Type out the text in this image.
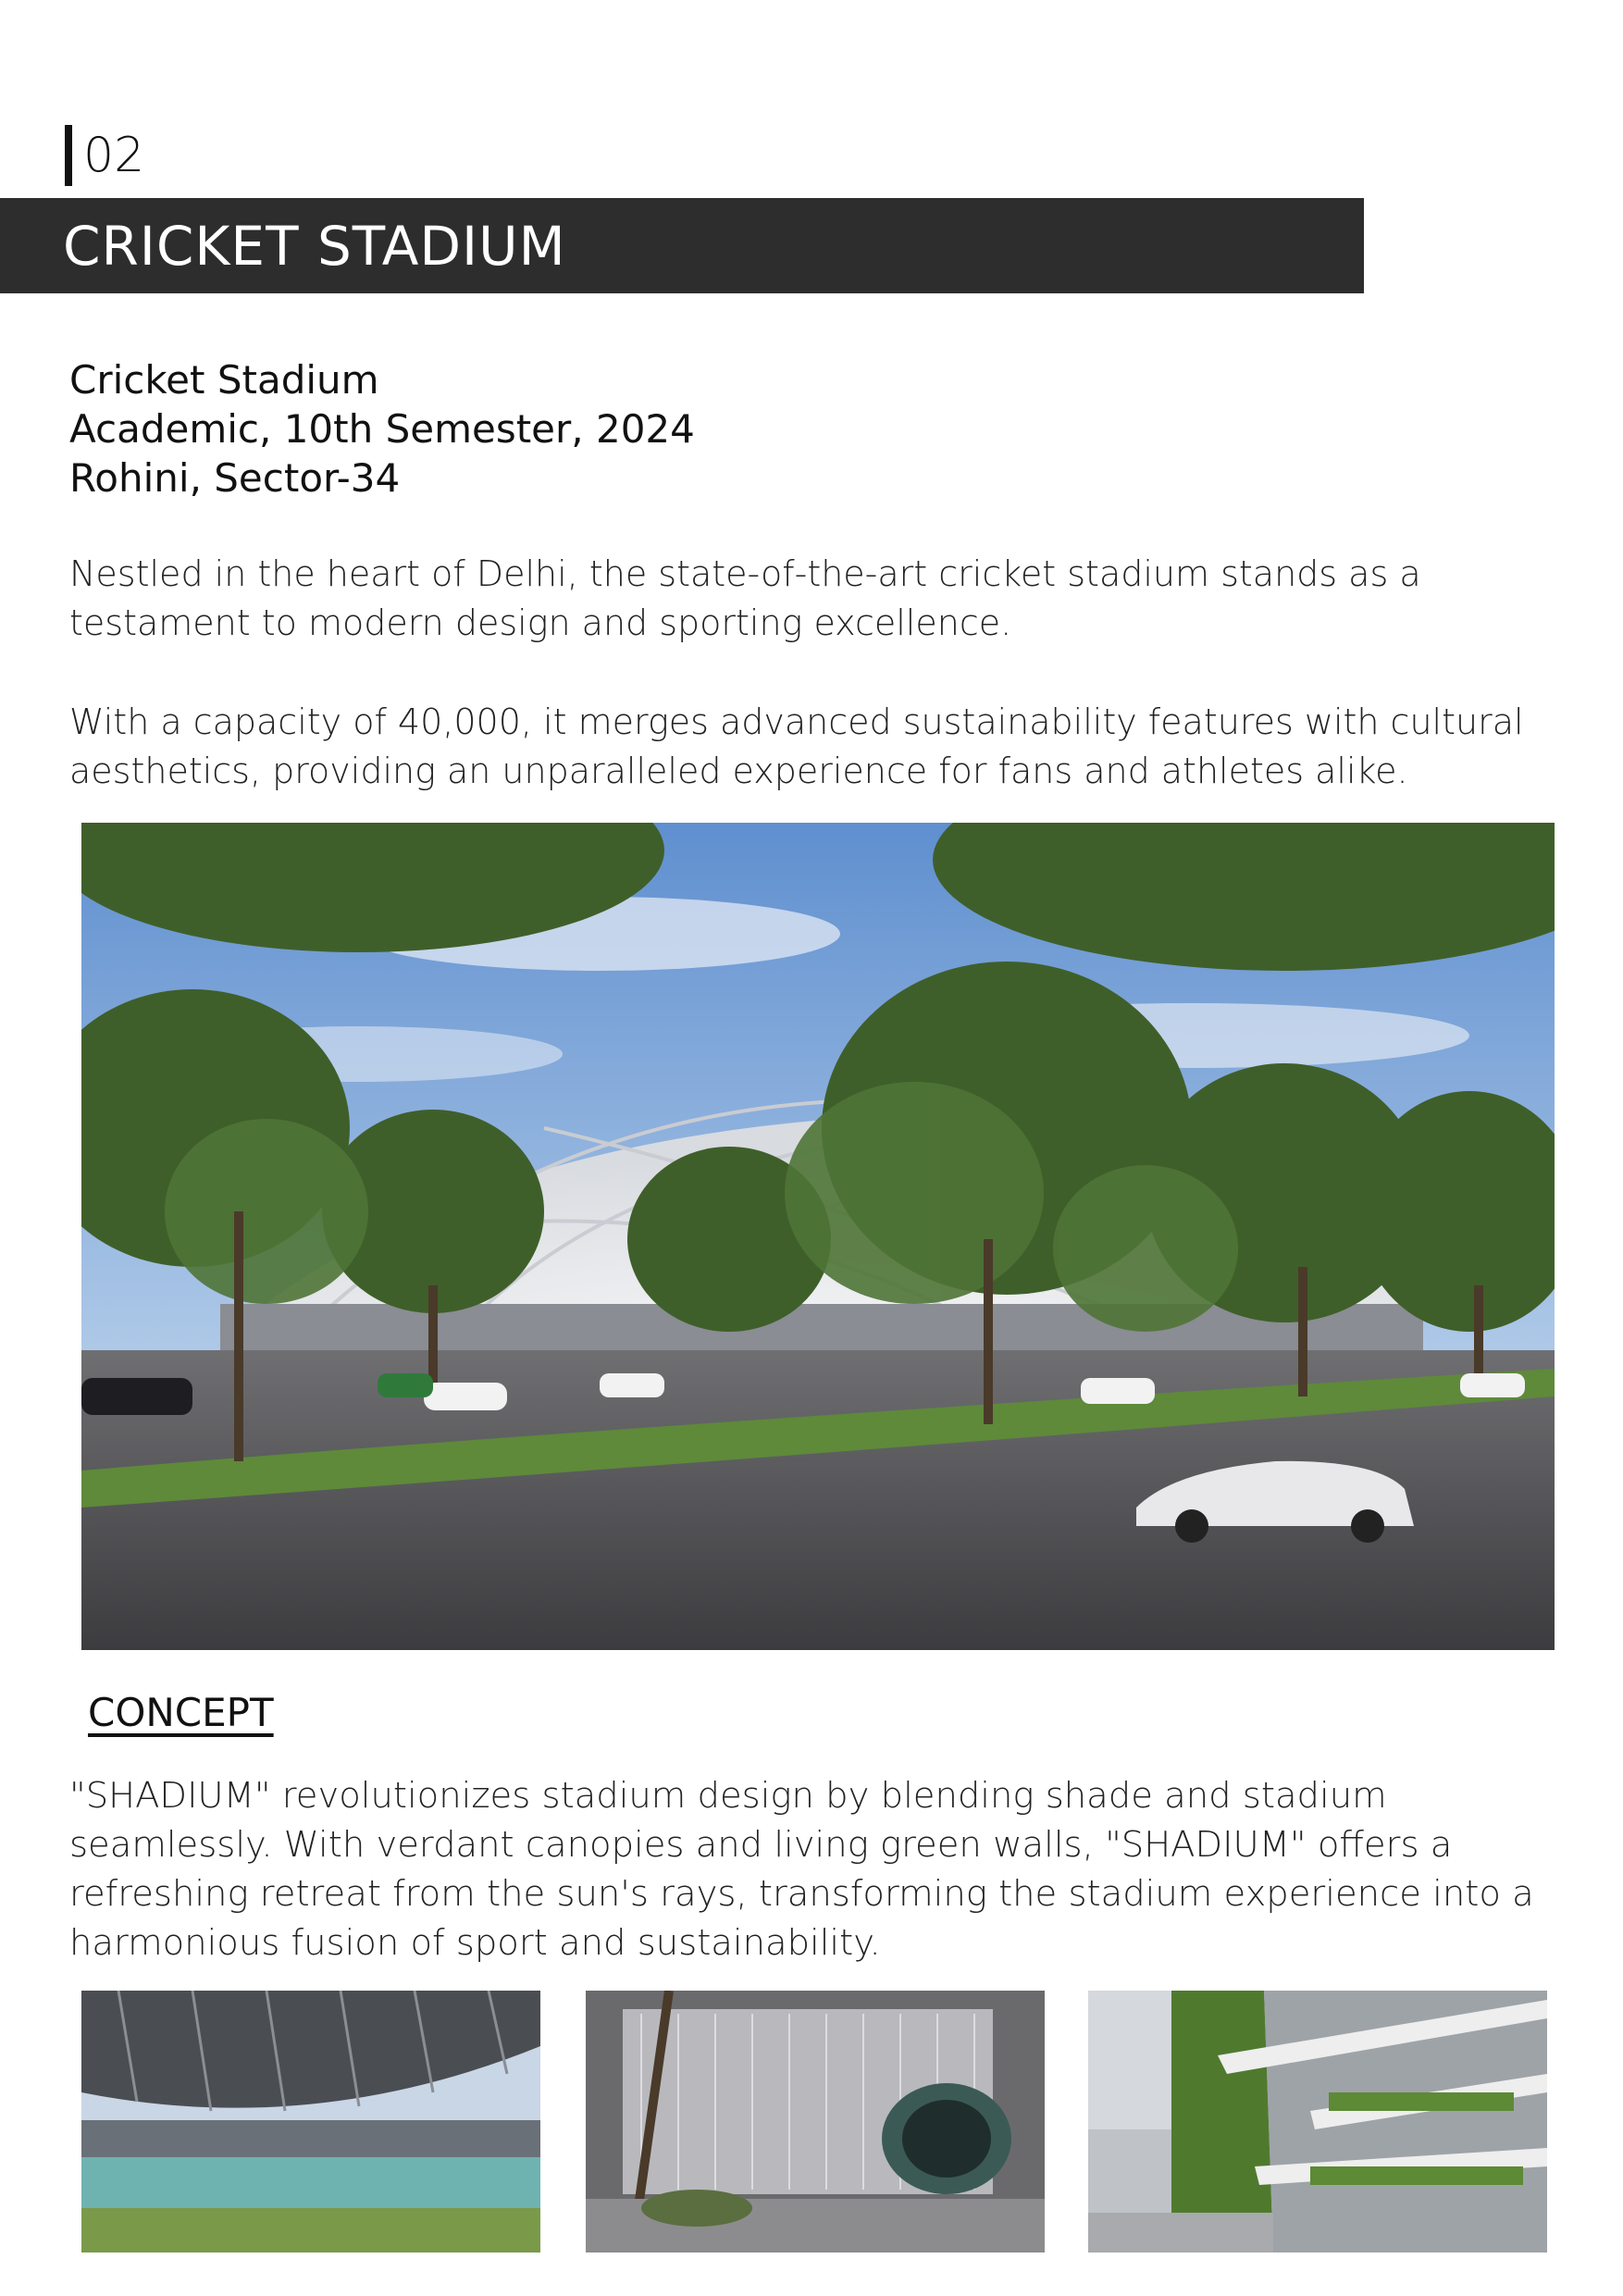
02
CRICKET STADIUM
Cricket Stadium
Academic, 10th Semester, 2024
Rohini, Sector-34
Nestled in the heart of Delhi, the state-of-the-art cricket stadium stands as a testament to modern design and sporting excellence.
With a capacity of 40,000, it merges advanced sustainability features with cultural aesthetics, providing an unparalleled experience for fans and athletes alike.
CONCEPT
"SHADIUM" revolutionizes stadium design by blending shade and stadium seamlessly. With verdant canopies and living green walls, "SHADIUM" offers a refreshing retreat from the sun's rays, transforming the stadium experience into a harmonious fusion of sport and sustainability.
